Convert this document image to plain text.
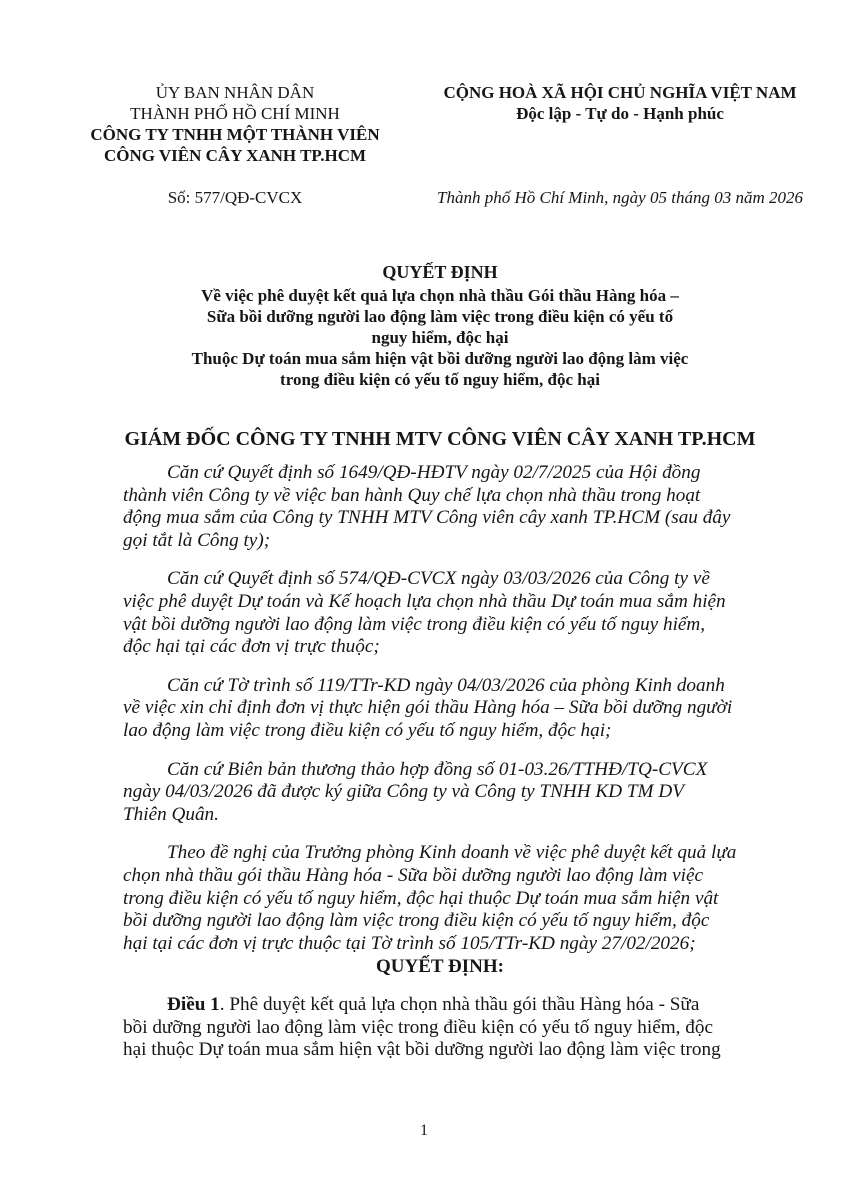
ỦY BAN NHÂN DÂN
THÀNH PHỐ HỒ CHÍ MINH
CÔNG TY TNHH MỘT THÀNH VIÊN
CÔNG VIÊN CÂY XANH TP.HCM
CỘNG HOÀ XÃ HỘI CHỦ NGHĨA VIỆT NAM
Độc lập - Tự do - Hạnh phúc
Số: 577/QĐ-CVCX	Thành phố Hồ Chí Minh, ngày 05 tháng 03 năm 2026
QUYẾT ĐỊNH
Về việc phê duyệt kết quả lựa chọn nhà thầu Gói thầu Hàng hóa –
Sữa bồi dưỡng người lao động làm việc trong điều kiện có yếu tố
nguy hiểm, độc hại
Thuộc Dự toán mua sắm hiện vật bồi dưỡng người lao động làm việc
trong điều kiện có yếu tố nguy hiểm, độc hại
GIÁM ĐỐC CÔNG TY TNHH MTV CÔNG VIÊN CÂY XANH TP.HCM
Căn cứ Quyết định số 1649/QĐ-HĐTV ngày 02/7/2025 của Hội đồng
thành viên Công ty về việc ban hành Quy chế lựa chọn nhà thầu trong hoạt
động mua sắm của Công ty TNHH MTV Công viên cây xanh TP.HCM (sau đây
gọi tắt là Công ty);
Căn cứ Quyết định số 574/QĐ-CVCX ngày 03/03/2026 của Công ty về
việc phê duyệt Dự toán và Kế hoạch lựa chọn nhà thầu Dự toán mua sắm hiện
vật bồi dưỡng người lao động làm việc trong điều kiện có yếu tố nguy hiểm,
độc hại tại các đơn vị trực thuộc;
Căn cứ Tờ trình số 119/TTr-KD ngày 04/03/2026 của phòng Kinh doanh
về việc xin chỉ định đơn vị thực hiện gói thầu Hàng hóa – Sữa bồi dưỡng người
lao động làm việc trong điều kiện có yếu tố nguy hiểm, độc hại;
Căn cứ Biên bản thương thảo hợp đồng số 01-03.26/TTHĐ/TQ-CVCX
ngày 04/03/2026 đã được ký giữa Công ty và Công ty TNHH KD TM DV
Thiên Quân.
Theo đề nghị của Trưởng phòng Kinh doanh về việc phê duyệt kết quả lựa
chọn nhà thầu gói thầu Hàng hóa - Sữa bồi dưỡng người lao động làm việc
trong điều kiện có yếu tố nguy hiểm, độc hại thuộc Dự toán mua sắm hiện vật
bồi dưỡng người lao động làm việc trong điều kiện có yếu tố nguy hiểm, độc
hại tại các đơn vị trực thuộc tại Tờ trình số 105/TTr-KD ngày 27/02/2026;
QUYẾT ĐỊNH:
Điều 1. Phê duyệt kết quả lựa chọn nhà thầu gói thầu Hàng hóa - Sữa
bồi dưỡng người lao động làm việc trong điều kiện có yếu tố nguy hiểm, độc
hại thuộc Dự toán mua sắm hiện vật bồi dưỡng người lao động làm việc trong
1
